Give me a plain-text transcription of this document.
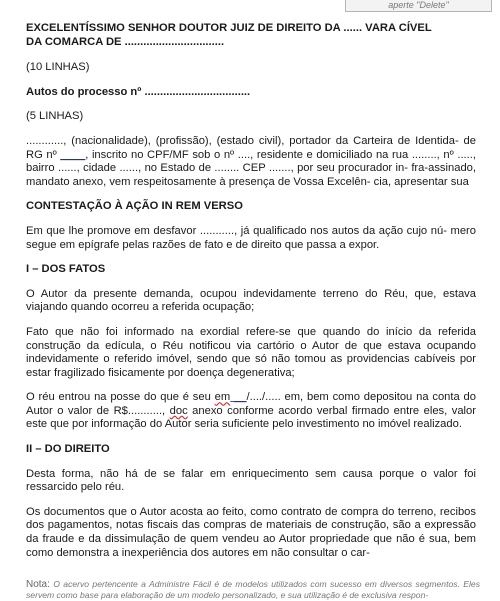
aperte "Delete"

EXCELENTÍSSIMO SENHOR DOUTOR JUIZ DE DIREITO DA ...... VARA CÍVEL
DA COMARCA DE ................................

(10 LINHAS)

Autos do processo nº ..................................

(5 LINHAS)

............, (nacionalidade), (profissão), (estado civil), portador da Carteira de Identida- de RG nº ____, inscrito no CPF/MF sob o nº ...., residente e domiciliado na rua ........, nº ....., bairro ......, cidade ......, no Estado de ........ CEP ......., por seu procurador in- fra-assinado, mandato anexo, vem respeitosamente à presença de Vossa Excelên- cia, apresentar sua

CONTESTAÇÃO À AÇÃO IN REM VERSO

Em que lhe promove em desfavor ..........., já qualificado nos autos da ação cujo nú- mero segue em epígrafe pelas razões de fato e de direito que passa a expor.

I – DOS FATOS

O Autor da presente demanda, ocupou indevidamente terreno do Réu, que, estava viajando quando ocorreu a referida ocupação;

Fato que não foi informado na exordial refere-se que quando do início da referida construção da edícula, o Réu notificou via cartório o Autor de que estava ocupando indevidamente o referido imóvel, sendo que só não tomou as providencias cabíveis por estar fragilizado fisicamente por doença degenerativa;

O réu entrou na posse do que é seu em __/..../..... em, bem como depositou na conta do Autor o valor de R$..........., doc anexo conforme acordo verbal firmado entre eles, valor este que por informação do Autor seria suficiente pelo investimento no imóvel realizado.

II – DO DIREITO

Desta forma, não há de se falar em enriquecimento sem causa porque o valor foi ressarcido pelo réu.

Os documentos que o Autor acosta ao feito, como contrato de compra do terreno, recibos dos pagamentos, notas fiscais das compras de materiais de construção, são a expressão da fraude e da dissimulação de quem vendeu ao Autor propriedade que não é sua, bem como demonstra a inexperiência dos autores em não consultar o car-

Nota: O acervo pertencente a Administre Fácil é de modelos utilizados com sucesso em diversos segmentos. Eles servem como base para elaboração de um modelo personalizado, e sua utilização é de exclusiva respon-
